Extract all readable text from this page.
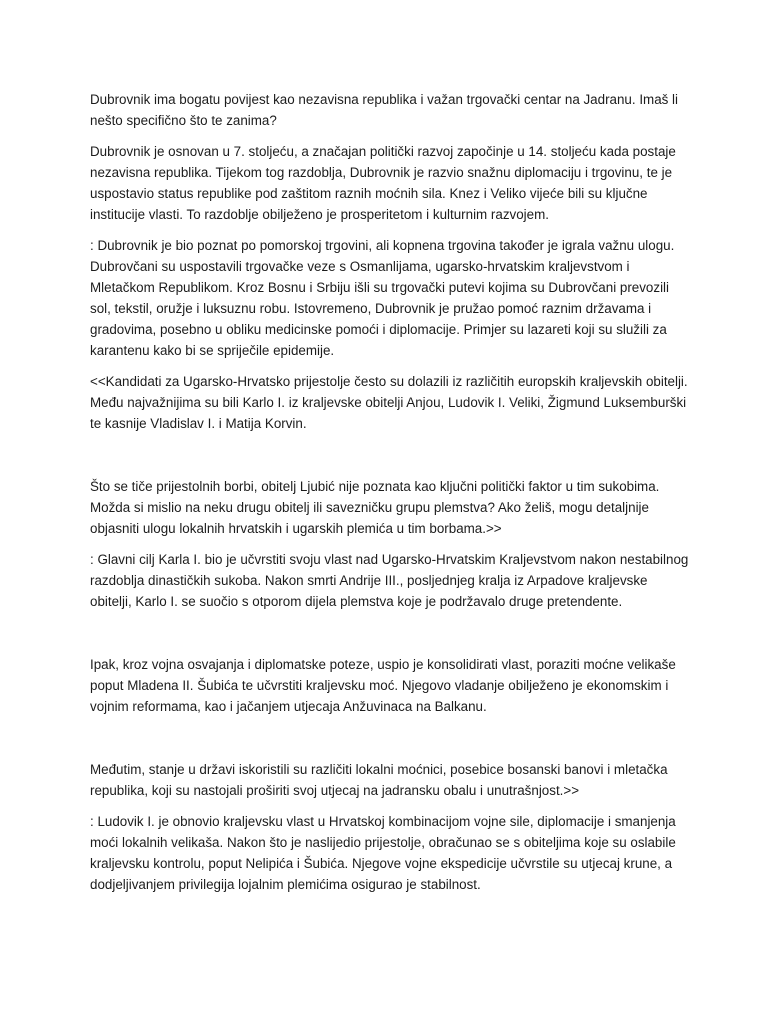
Dubrovnik ima bogatu povijest kao nezavisna republika i važan trgovački centar na Jadranu. Imaš li nešto specifično što te zanima?

Dubrovnik je osnovan u 7. stoljeću, a značajan politički razvoj započinje u 14. stoljeću kada postaje nezavisna republika. Tijekom tog razdoblja, Dubrovnik je razvio snažnu diplomaciju i trgovinu, te je uspostavio status republike pod zaštitom raznih moćnih sila. Knez i Veliko vijeće bili su ključne institucije vlasti. To razdoblje obilježeno je prosperitetom i kulturnim razvojem.

: Dubrovnik je bio poznat po pomorskoj trgovini, ali kopnena trgovina također je igrala važnu ulogu. Dubrovčani su uspostavili trgovačke veze s Osmanlijama, ugarsko-hrvatskim kraljevstvom i Mletačkom Republikom. Kroz Bosnu i Srbiju išli su trgovački putevi kojima su Dubrovčani prevozili sol, tekstil, oružje i luksuznu robu. Istovremeno, Dubrovnik je pružao pomoć raznim državama i gradovima, posebno u obliku medicinske pomoći i diplomacije. Primjer su lazareti koji su služili za karantenu kako bi se spriječile epidemije.

<<Kandidati za Ugarsko-Hrvatsko prijestolje često su dolazili iz različitih europskih kraljevskih obitelji. Među najvažnijima su bili Karlo I. iz kraljevske obitelji Anjou, Ludovik I. Veliki, Žigmund Luksemburški te kasnije Vladislav I. i Matija Korvin.

Što se tiče prijestolnih borbi, obitelj Ljubić nije poznata kao ključni politički faktor u tim sukobima. Možda si mislio na neku drugu obitelj ili savezničku grupu plemstva? Ako želiš, mogu detaljnije objasniti ulogu lokalnih hrvatskih i ugarskih plemića u tim borbama.>>

: Glavni cilj Karla I. bio je učvrstiti svoju vlast nad Ugarsko-Hrvatskim Kraljevstvom nakon nestabilnog razdoblja dinastičkih sukoba. Nakon smrti Andrije III., posljednjeg kralja iz Arpadove kraljevske obitelji, Karlo I. se suočio s otporom dijela plemstva koje je podržavalo druge pretendente.

Ipak, kroz vojna osvajanja i diplomatske poteze, uspio je konsolidirati vlast, poraziti moćne velikaše poput Mladena II. Šubića te učvrstiti kraljevsku moć. Njegovo vladanje obilježeno je ekonomskim i vojnim reformama, kao i jačanjem utjecaja Anžuvinaca na Balkanu.

Međutim, stanje u državi iskoristili su različiti lokalni moćnici, posebice bosanski banovi i mletačka republika, koji su nastojali proširiti svoj utjecaj na jadransku obalu i unutrašnjost.>>

: Ludovik I. je obnovio kraljevsku vlast u Hrvatskoj kombinacijom vojne sile, diplomacije i smanjenja moći lokalnih velikaša. Nakon što je naslijedio prijestolje, obračunao se s obiteljima koje su oslabile kraljevsku kontrolu, poput Nelipića i Šubića. Njegove vojne ekspedicije učvrstile su utjecaj krune, a dodjeljivanjem privilegija lojalnim plemićima osigurao je stabilnost.
